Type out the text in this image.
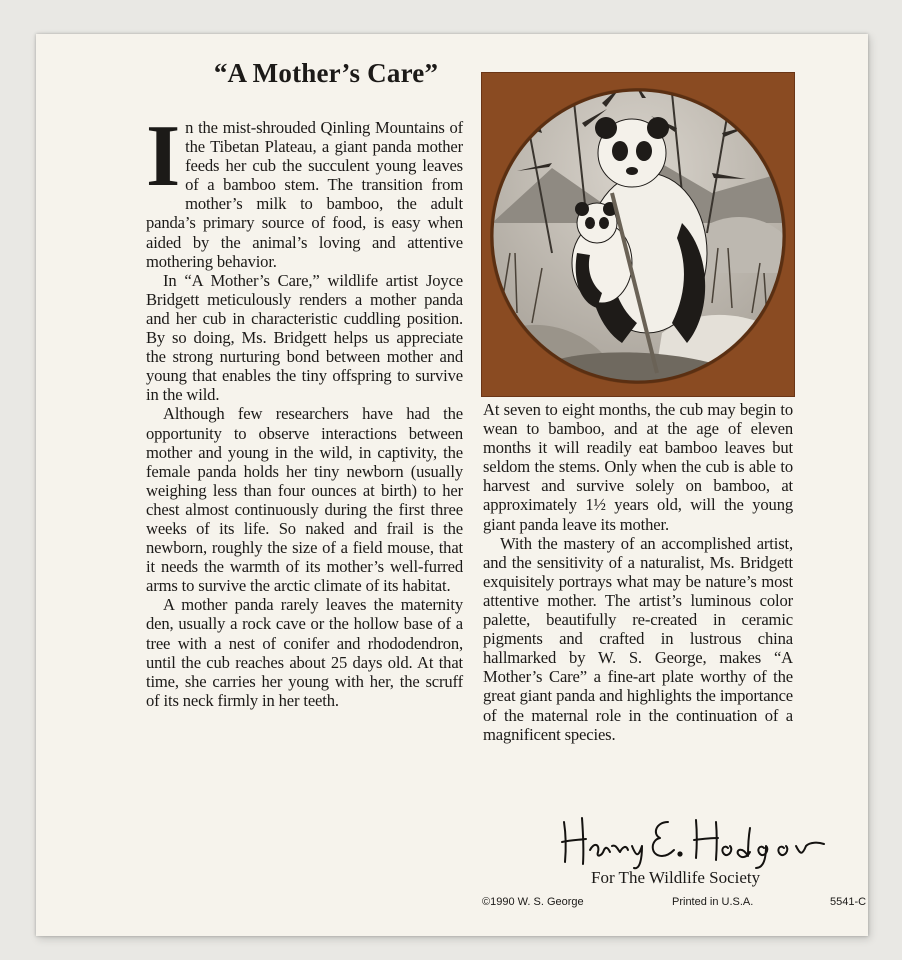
“A Mother’s Care”

In the mist-shrouded Qinling Mountains of the Tibetan Plateau, a giant panda mother feeds her cub the succulent young leaves of a bamboo stem. The transition from mother’s milk to bamboo, the adult panda’s primary source of food, is easy when aided by the animal’s loving and attentive mothering behavior.

In “A Mother’s Care,” wildlife artist Joyce Bridgett meticulously renders a mother panda and her cub in characteristic cuddling position. By so doing, Ms. Bridgett helps us appreciate the strong nurturing bond between mother and young that enables the tiny offspring to survive in the wild.

Although few researchers have had the opportunity to observe interactions between mother and young in the wild, in captivity, the female panda holds her tiny newborn (usually weighing less than four ounces at birth) to her chest almost continuously during the first three weeks of its life. So naked and frail is the newborn, roughly the size of a field mouse, that it needs the warmth of its mother’s well-furred arms to survive the arctic climate of its habitat.

A mother panda rarely leaves the maternity den, usually a rock cave or the hollow base of a tree with a nest of conifer and rhododendron, until the cub reaches about 25 days old. At that time, she carries her young with her, the scruff of its neck firmly in her teeth.

At seven to eight months, the cub may begin to wean to bamboo, and at the age of eleven months it will readily eat bamboo leaves but seldom the stems. Only when the cub is able to harvest and survive solely on bamboo, at approximately 1½ years old, will the young giant panda leave its mother.

With the mastery of an accomplished artist, and the sensitivity of a naturalist, Ms. Bridgett exquisitely portrays what may be nature’s most attentive mother. The artist’s luminous color palette, beautifully re-created in ceramic pigments and crafted in lustrous china hallmarked by W. S. George, makes “A Mother’s Care” a fine-art plate worthy of the great giant panda and highlights the importance of the maternal role in the continuation of a magnificent species.

For The Wildlife Society
©1990 W. S. George	Printed in U.S.A.	5541-C
